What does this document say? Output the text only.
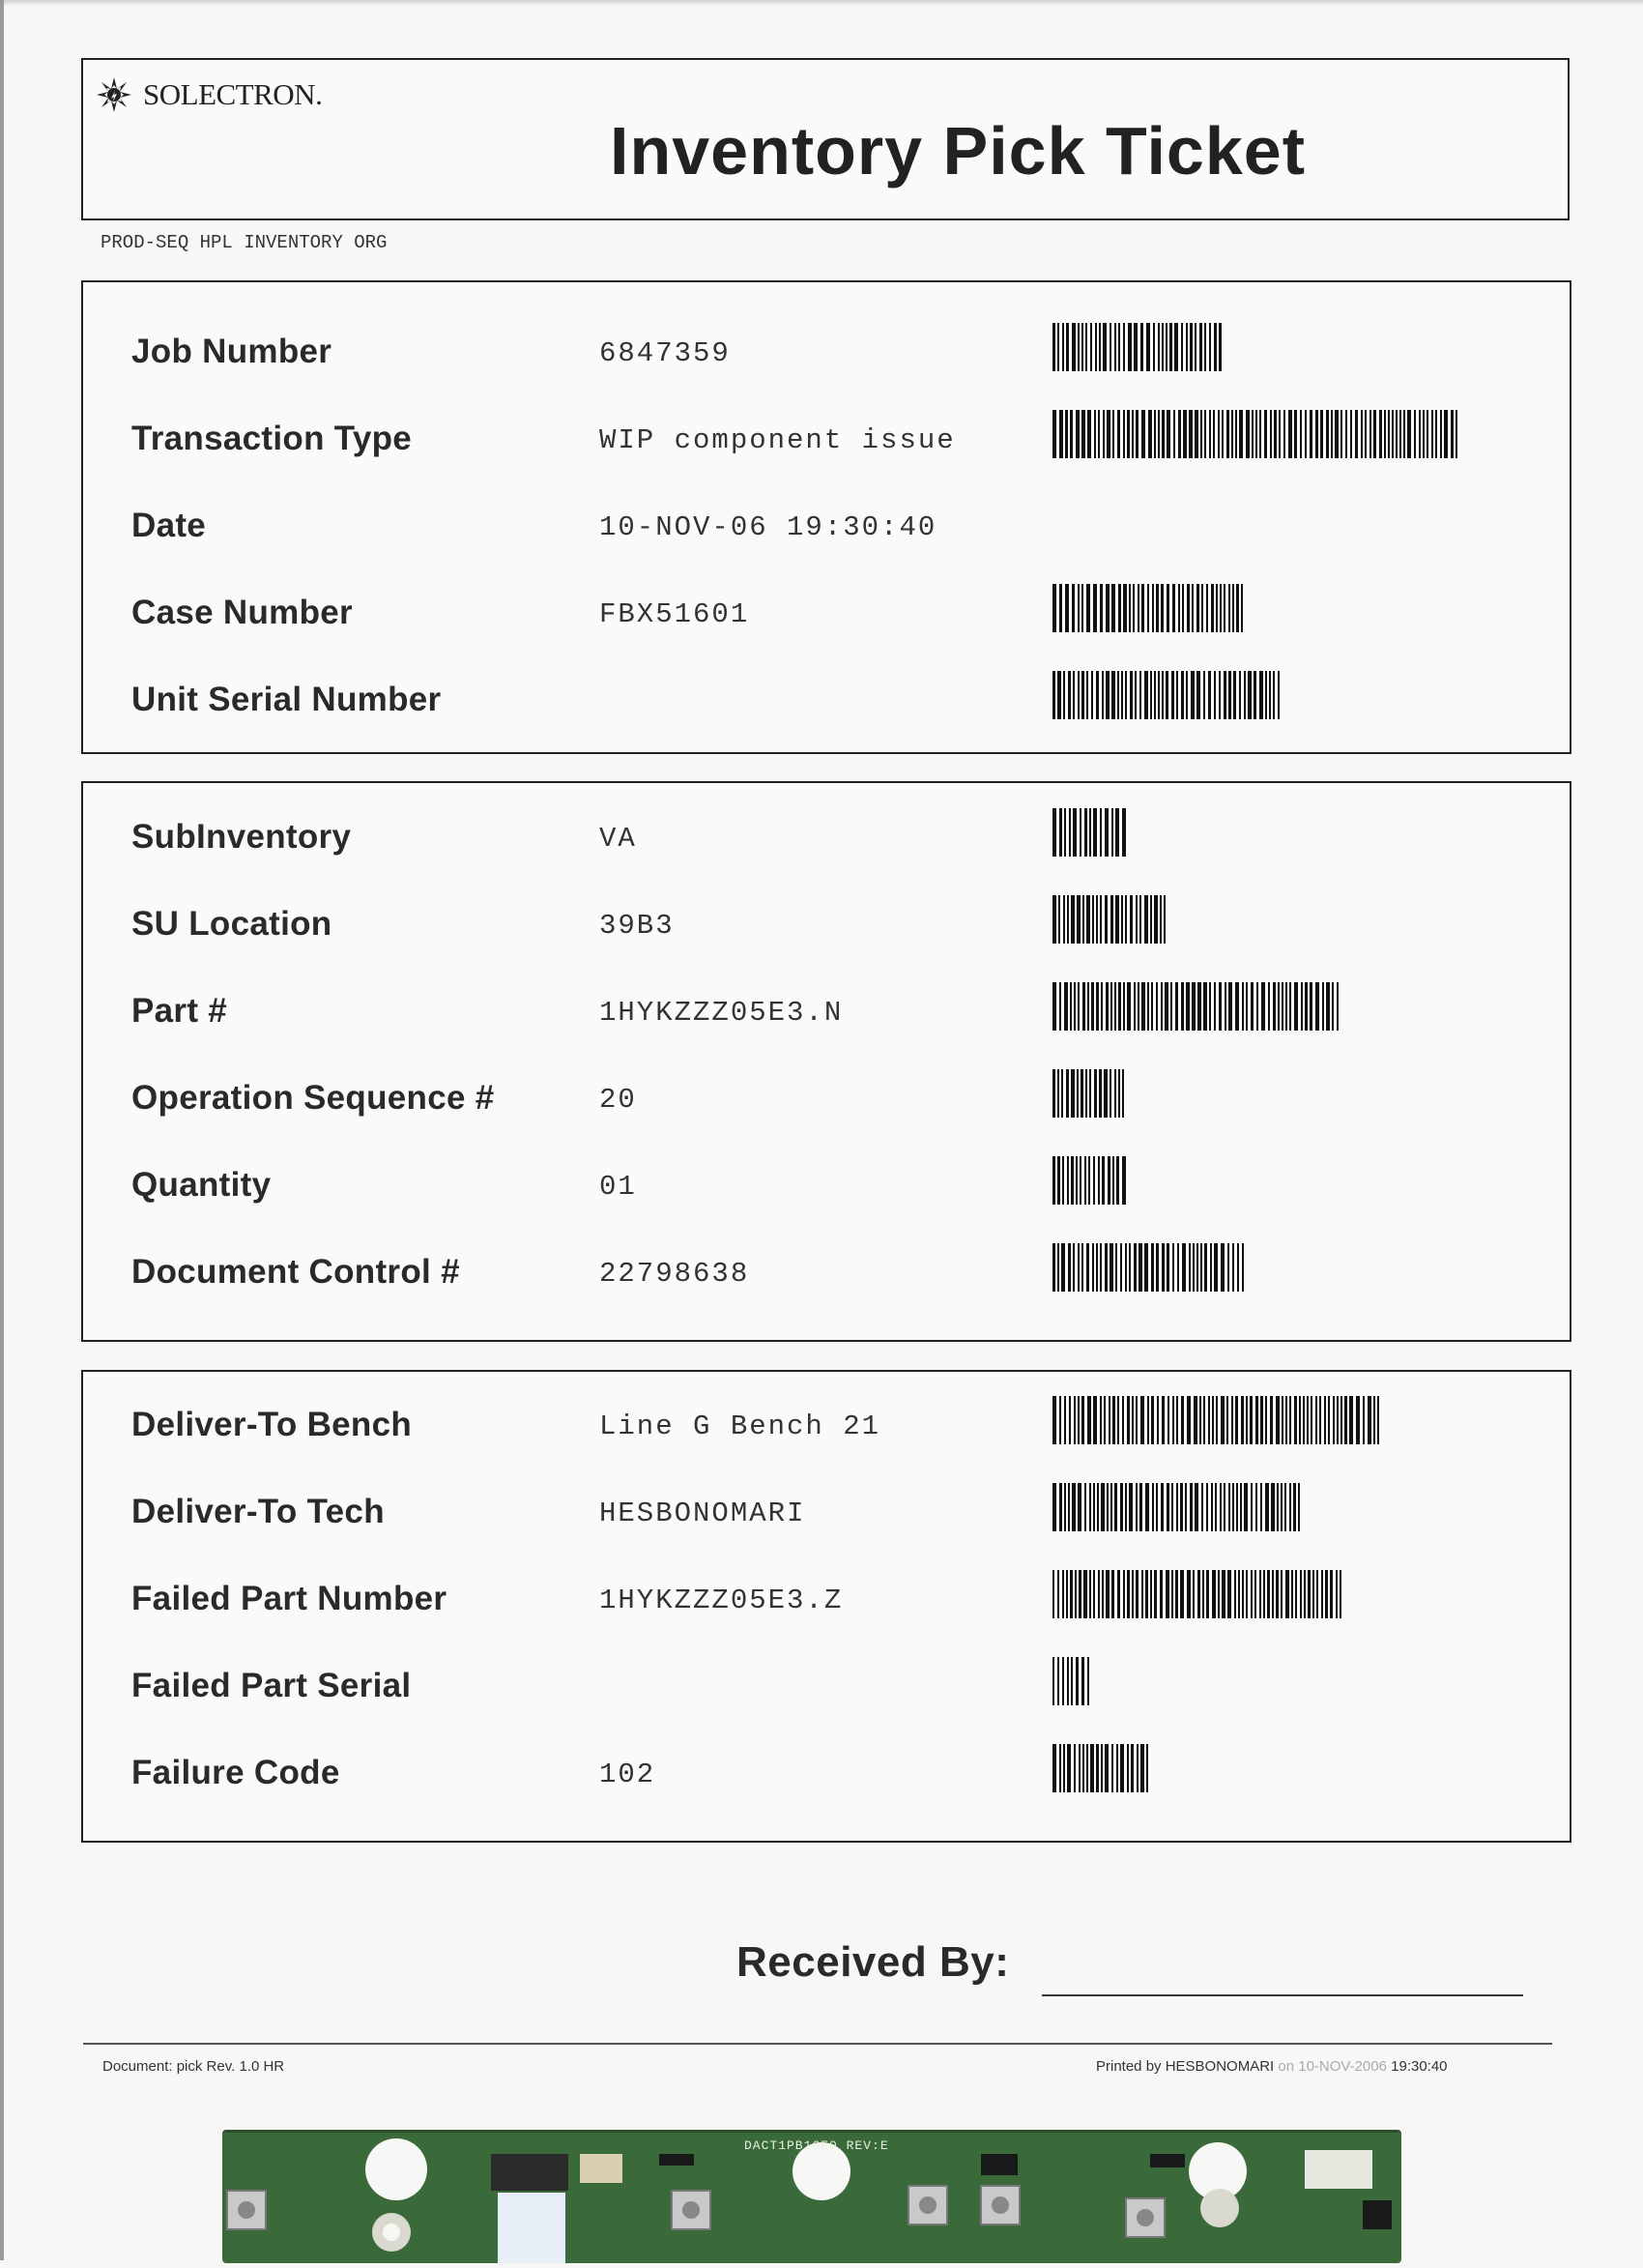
SOLECTRON.
Inventory Pick Ticket
PROD-SEQ HPL INVENTORY ORG
Job Number	6847359
Transaction Type	WIP component issue
Date	10-NOV-06 19:30:40
Case Number	FBX51601
Unit Serial Number
SubInventory	VA
SU Location	39B3
Part #	1HYKZZZ05E3.N
Operation Sequence #	20
Quantity	01
Document Control #	22798638
Deliver-To Bench	Line G Bench 21
Deliver-To Tech	HESBONOMARI
Failed Part Number	1HYKZZZ05E3.Z
Failed Part Serial
Failure Code	102
Received By:
Document: pick Rev. 1.0 HR	Printed by HESBONOMARI on 10-NOV-2006 19:30:40
DACT1PB16E0 REV:E
